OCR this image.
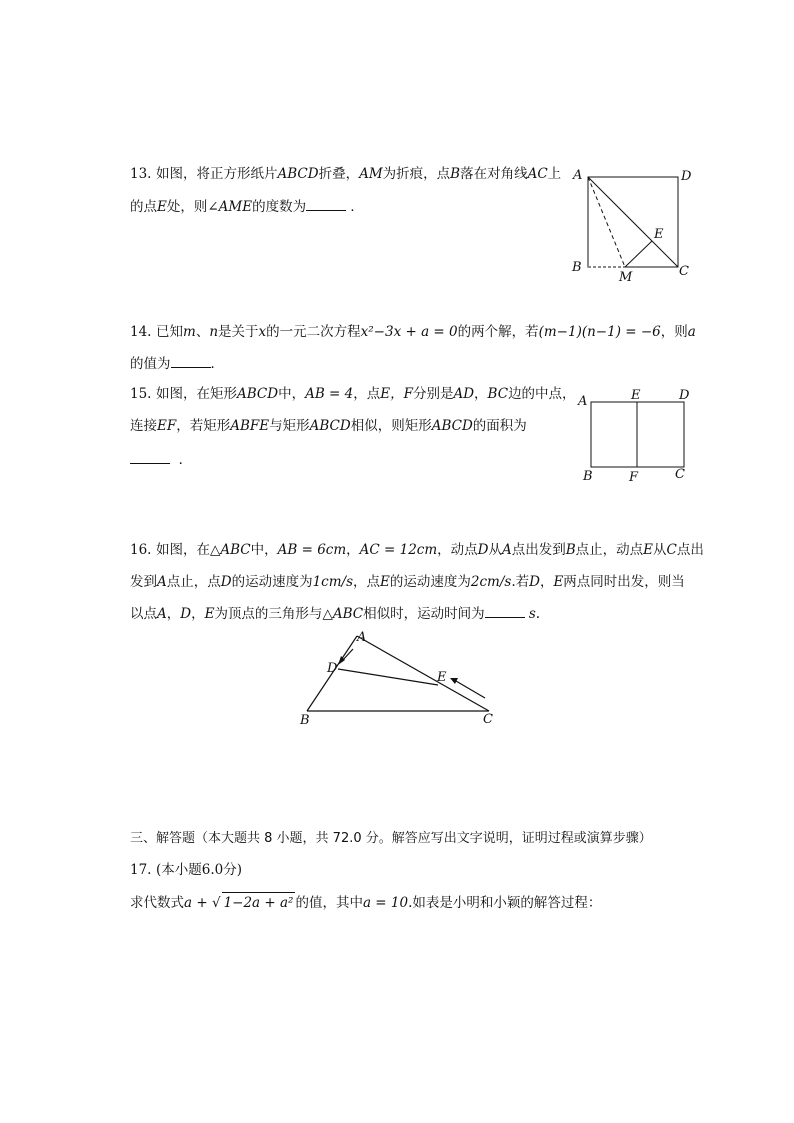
13. 如图，将正方形纸片ABCD折叠，AM为折痕，点B落在对角线AC上
的点E处，则∠AME的度数为	．
A	D
E
B
M	C
14. 已知m、n是关于x的一元二次方程x²−3x + a = 0的两个解，若(m−1)(n−1) = −6，则a
的值为	．
15. 如图，在矩形ABCD中，AB = 4，点E，F分别是AD，BC边的中点，
连接EF，若矩形ABFE与矩形ABCD相似，则矩形ABCD的面积为
．
A	E	D
B	F	C
16. 如图，在△ABC中，AB = 6cm，AC = 12cm，动点D从A点出发到B点止，动点E从C点出
发到A点止，点D的运动速度为1cm/s，点E的运动速度为2cm/s.若D，E两点同时出发，则当
以点A，D，E为顶点的三角形与△ABC相似时，运动时间为	s.
A
D
E
B	C
三、解答题（本大题共 8 小题，共 72.0 分。解答应写出文字说明，证明过程或演算步骤）
17. (本小题6.0分)
求代数式a + √ 1−2a + a² 的值，其中a = 10.如表是小明和小颖的解答过程：
